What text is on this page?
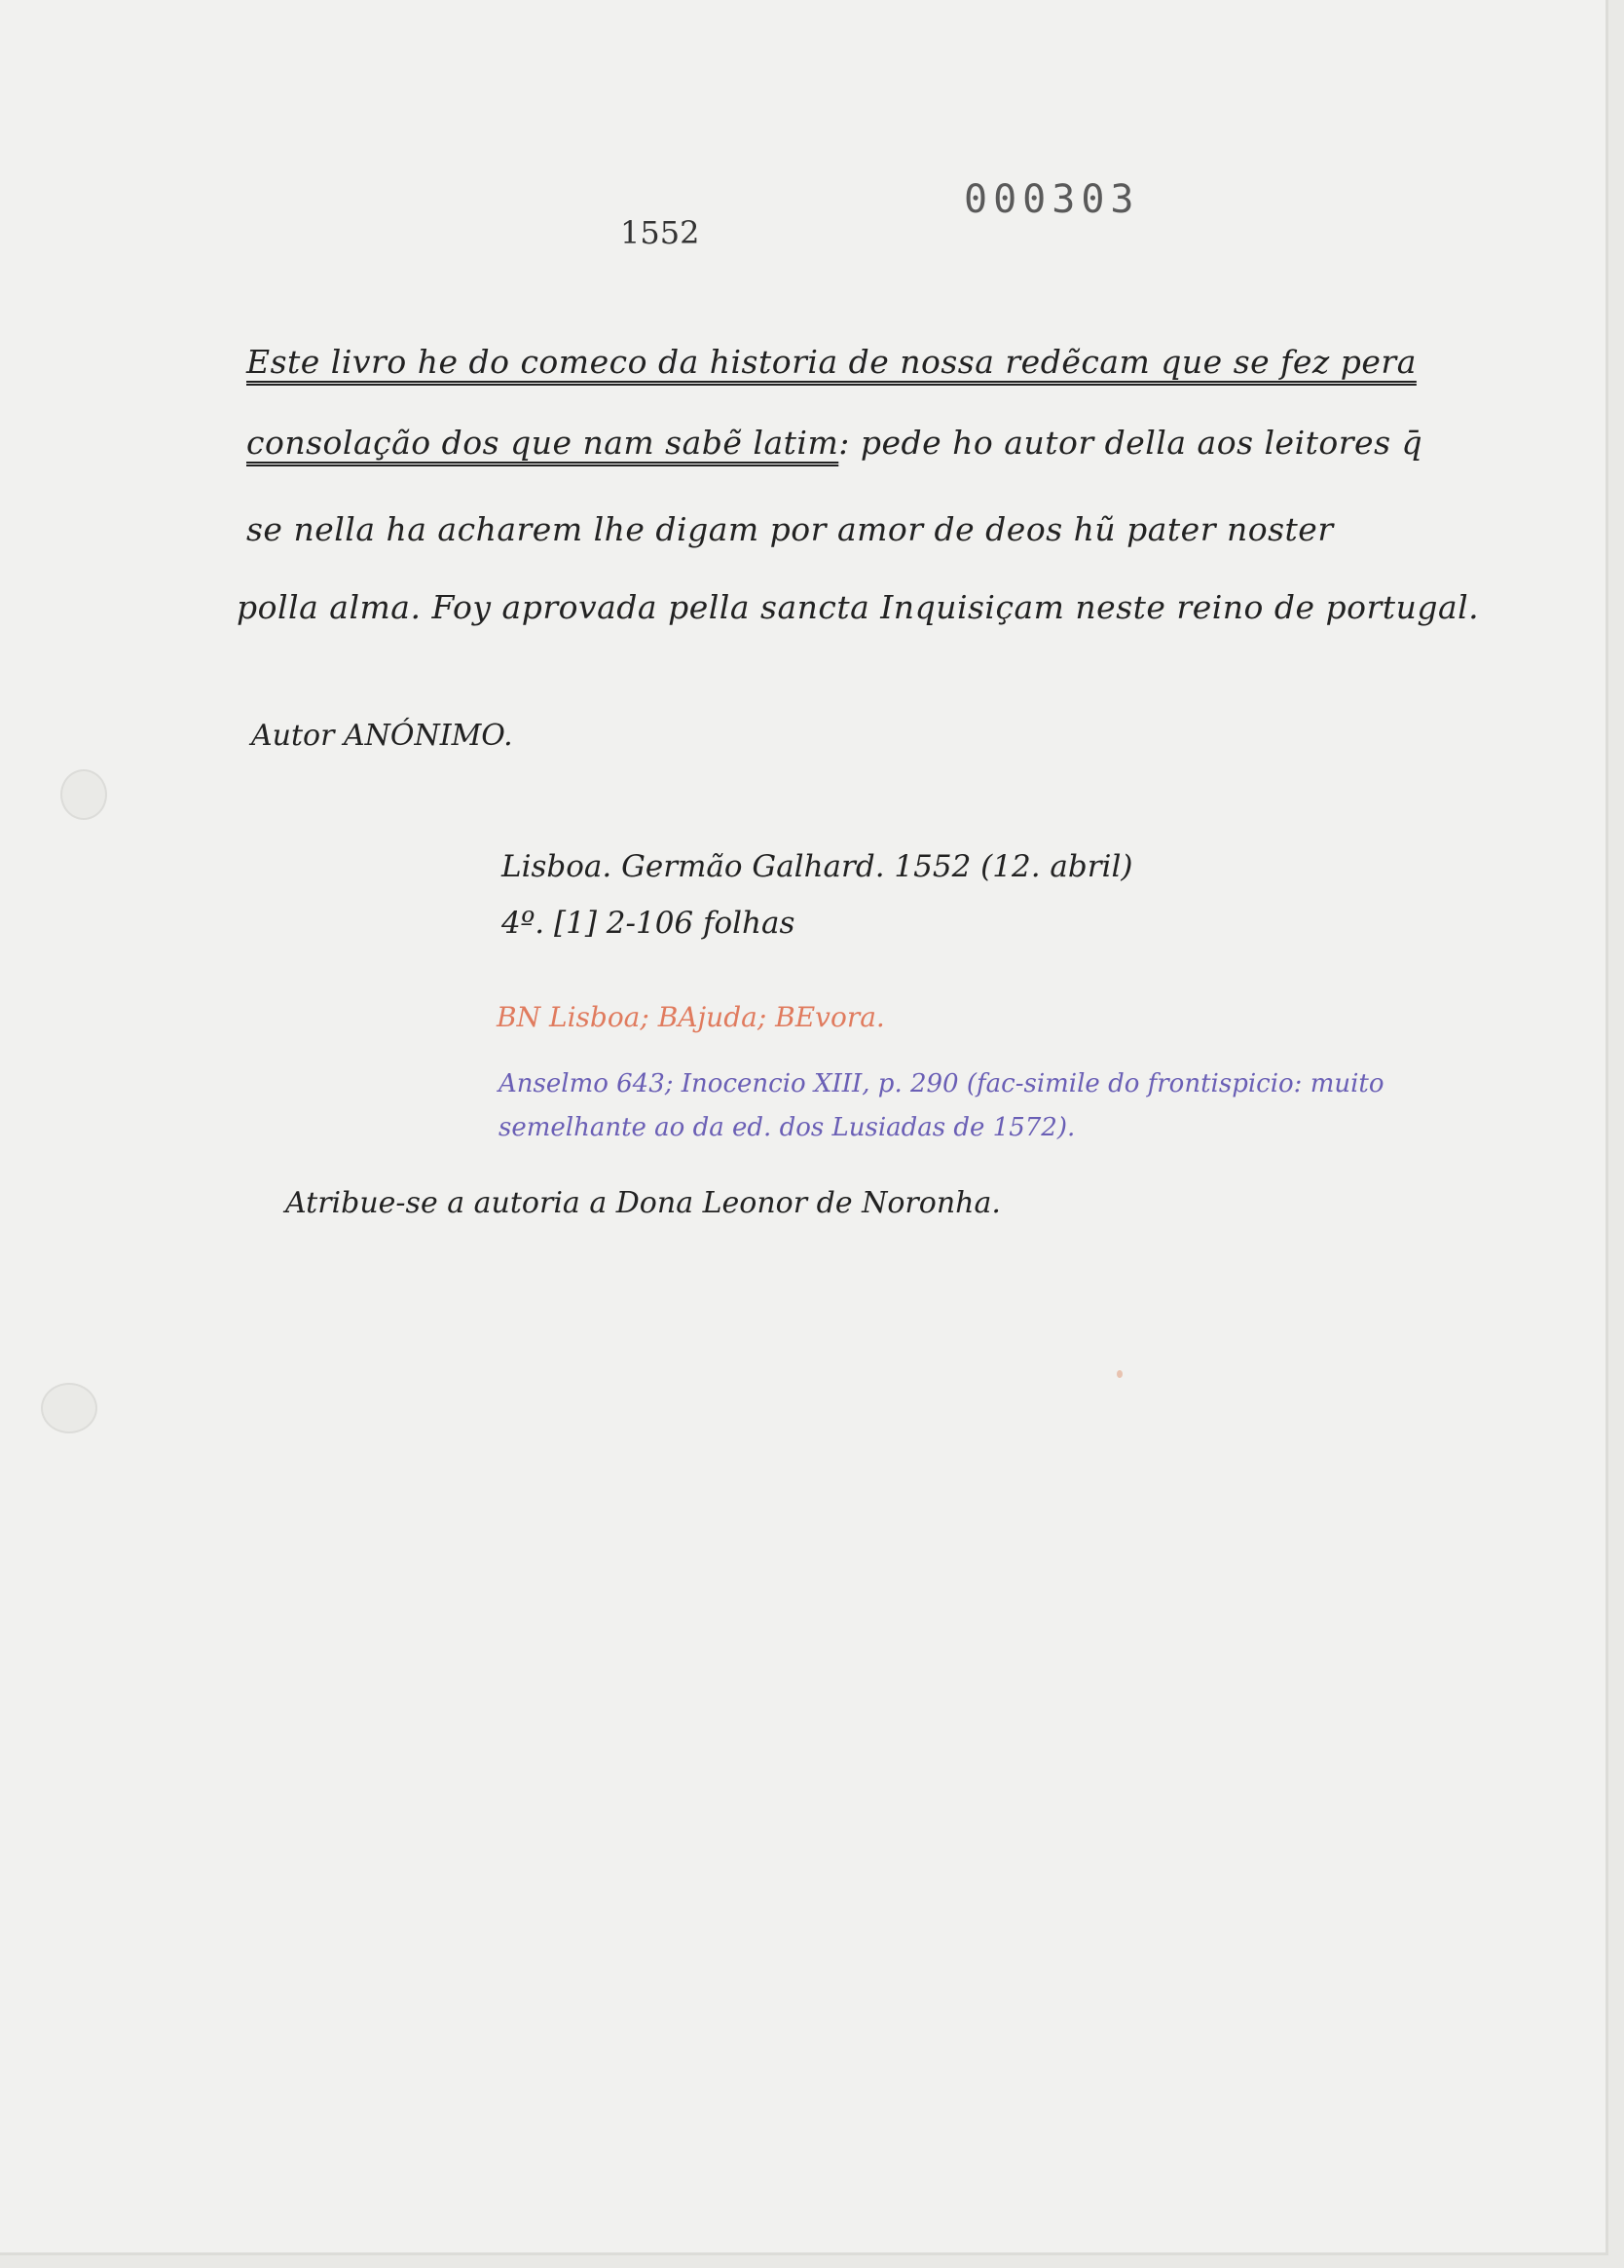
000303

1552

Este livro he do comeco da historia de nossa redẽcam que se fez pera

consolação dos que nam sabẽ latim: pede ho autor della aos leitores q̄

se nella ha acharem lhe digam por amor de deos hũ pater noster

polla alma. Foy aprovada pella sancta Inquisiçam neste reino de portugal.

Autor ANÓNIMO.

Lisboa. Germão Galhard. 1552 (12. abril)

4º. [1] 2-106 folhas

BN Lisboa; BAjuda; BEvora.

Anselmo 643; Inocencio XIII, p. 290 (fac-simile do frontispicio: muito

semelhante ao da ed. dos Lusiadas de 1572).

Atribue-se a autoria a Dona Leonor de Noronha.
